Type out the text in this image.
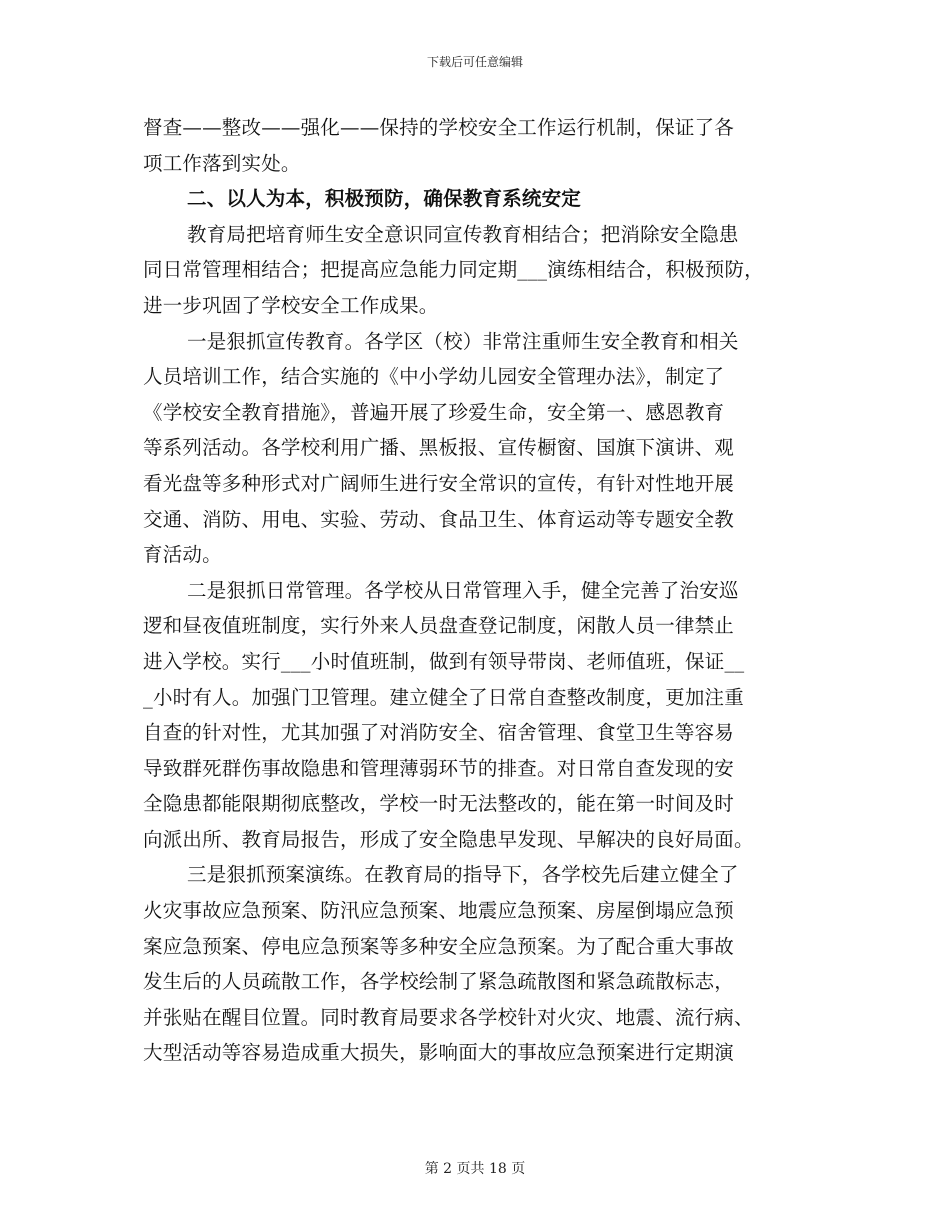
下载后可任意编辑
督查——整改——强化——保持的学校安全工作运行机制，保证了各
项工作落到实处。
二、以人为本，积极预防，确保教育系统安定
教育局把培育师生安全意识同宣传教育相结合；把消除安全隐患
同日常管理相结合；把提高应急能力同定期___演练相结合，积极预防，
进一步巩固了学校安全工作成果。
一是狠抓宣传教育。各学区（校）非常注重师生安全教育和相关
人员培训工作，结合实施的《中小学幼儿园安全管理办法》，制定了
《学校安全教育措施》，普遍开展了珍爱生命，安全第一、感恩教育
等系列活动。各学校利用广播、黑板报、宣传橱窗、国旗下演讲、观
看光盘等多种形式对广阔师生进行安全常识的宣传，有针对性地开展
交通、消防、用电、实验、劳动、食品卫生、体育运动等专题安全教
育活动。
二是狠抓日常管理。各学校从日常管理入手，健全完善了治安巡
逻和昼夜值班制度，实行外来人员盘查登记制度，闲散人员一律禁止
进入学校。实行___小时值班制，做到有领导带岗、老师值班，保证__
_小时有人。加强门卫管理。建立健全了日常自查整改制度，更加注重
自查的针对性，尤其加强了对消防安全、宿舍管理、食堂卫生等容易
导致群死群伤事故隐患和管理薄弱环节的排查。对日常自查发现的安
全隐患都能限期彻底整改，学校一时无法整改的，能在第一时间及时
向派出所、教育局报告，形成了安全隐患早发现、早解决的良好局面。
三是狠抓预案演练。在教育局的指导下，各学校先后建立健全了
火灾事故应急预案、防汛应急预案、地震应急预案、房屋倒塌应急预
案应急预案、停电应急预案等多种安全应急预案。为了配合重大事故
发生后的人员疏散工作，各学校绘制了紧急疏散图和紧急疏散标志，
并张贴在醒目位置。同时教育局要求各学校针对火灾、地震、流行病、
大型活动等容易造成重大损失，影响面大的事故应急预案进行定期演
第 2 页共 18 页
